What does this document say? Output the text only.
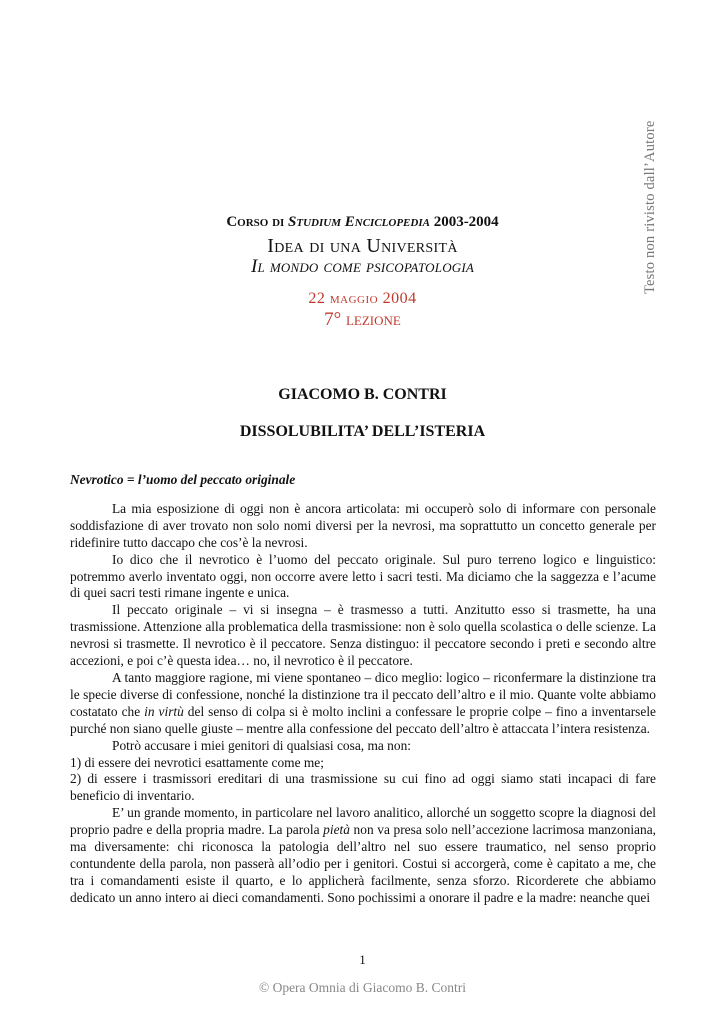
Testo non rivisto dall’Autore
Corso di Studium Enciclopedia 2003-2004
Idea di una Università
Il mondo come psicopatologia
22 maggio 2004
7° lezione
GIACOMO B. CONTRI
DISSOLUBILITA’ DELL’ISTERIA

Nevrotico = l’uomo del peccato originale

La mia esposizione di oggi non è ancora articolata: mi occuperò solo di informare con personale soddisfazione di aver trovato non solo nomi diversi per la nevrosi, ma soprattutto un concetto generale per ridefinire tutto daccapo che cos’è la nevrosi.

Io dico che il nevrotico è l’uomo del peccato originale. Sul puro terreno logico e linguistico: potremmo averlo inventato oggi, non occorre avere letto i sacri testi. Ma diciamo che la saggezza e l’acume di quei sacri testi rimane ingente e unica.

Il peccato originale – vi si insegna – è trasmesso a tutti. Anzitutto esso si trasmette, ha una trasmissione. Attenzione alla problematica della trasmissione: non è solo quella scolastica o delle scienze. La nevrosi si trasmette. Il nevrotico è il peccatore. Senza distinguo: il peccatore secondo i preti e secondo altre accezioni, e poi c’è questa idea… no, il nevrotico è il peccatore.

A tanto maggiore ragione, mi viene spontaneo – dico meglio: logico – riconfermare la distinzione tra le specie diverse di confessione, nonché la distinzione tra il peccato dell’altro e il mio. Quante volte abbiamo costatato che in virtù del senso di colpa si è molto inclini a confessare le proprie colpe – fino a inventarsele purché non siano quelle giuste – mentre alla confessione del peccato dell’altro è attaccata l’intera resistenza.

Potrò accusare i miei genitori di qualsiasi cosa, ma non:

1) di essere dei nevrotici esattamente come me;

2) di essere i trasmissori ereditari di una trasmissione su cui fino ad oggi siamo stati incapaci di fare beneficio di inventario.

E’ un grande momento, in particolare nel lavoro analitico, allorché un soggetto scopre la diagnosi del proprio padre e della propria madre. La parola pietà non va presa solo nell’accezione lacrimosa manzoniana, ma diversamente: chi riconosca la patologia dell’altro nel suo essere traumatico, nel senso proprio contundente della parola, non passerà all’odio per i genitori. Costui si accorgerà, come è capitato a me, che tra i comandamenti esiste il quarto, e lo applicherà facilmente, senza sforzo. Ricorderete che abbiamo dedicato un anno intero ai dieci comandamenti. Sono pochissimi a onorare il padre e la madre: neanche quei

1
© Opera Omnia di Giacomo B. Contri
